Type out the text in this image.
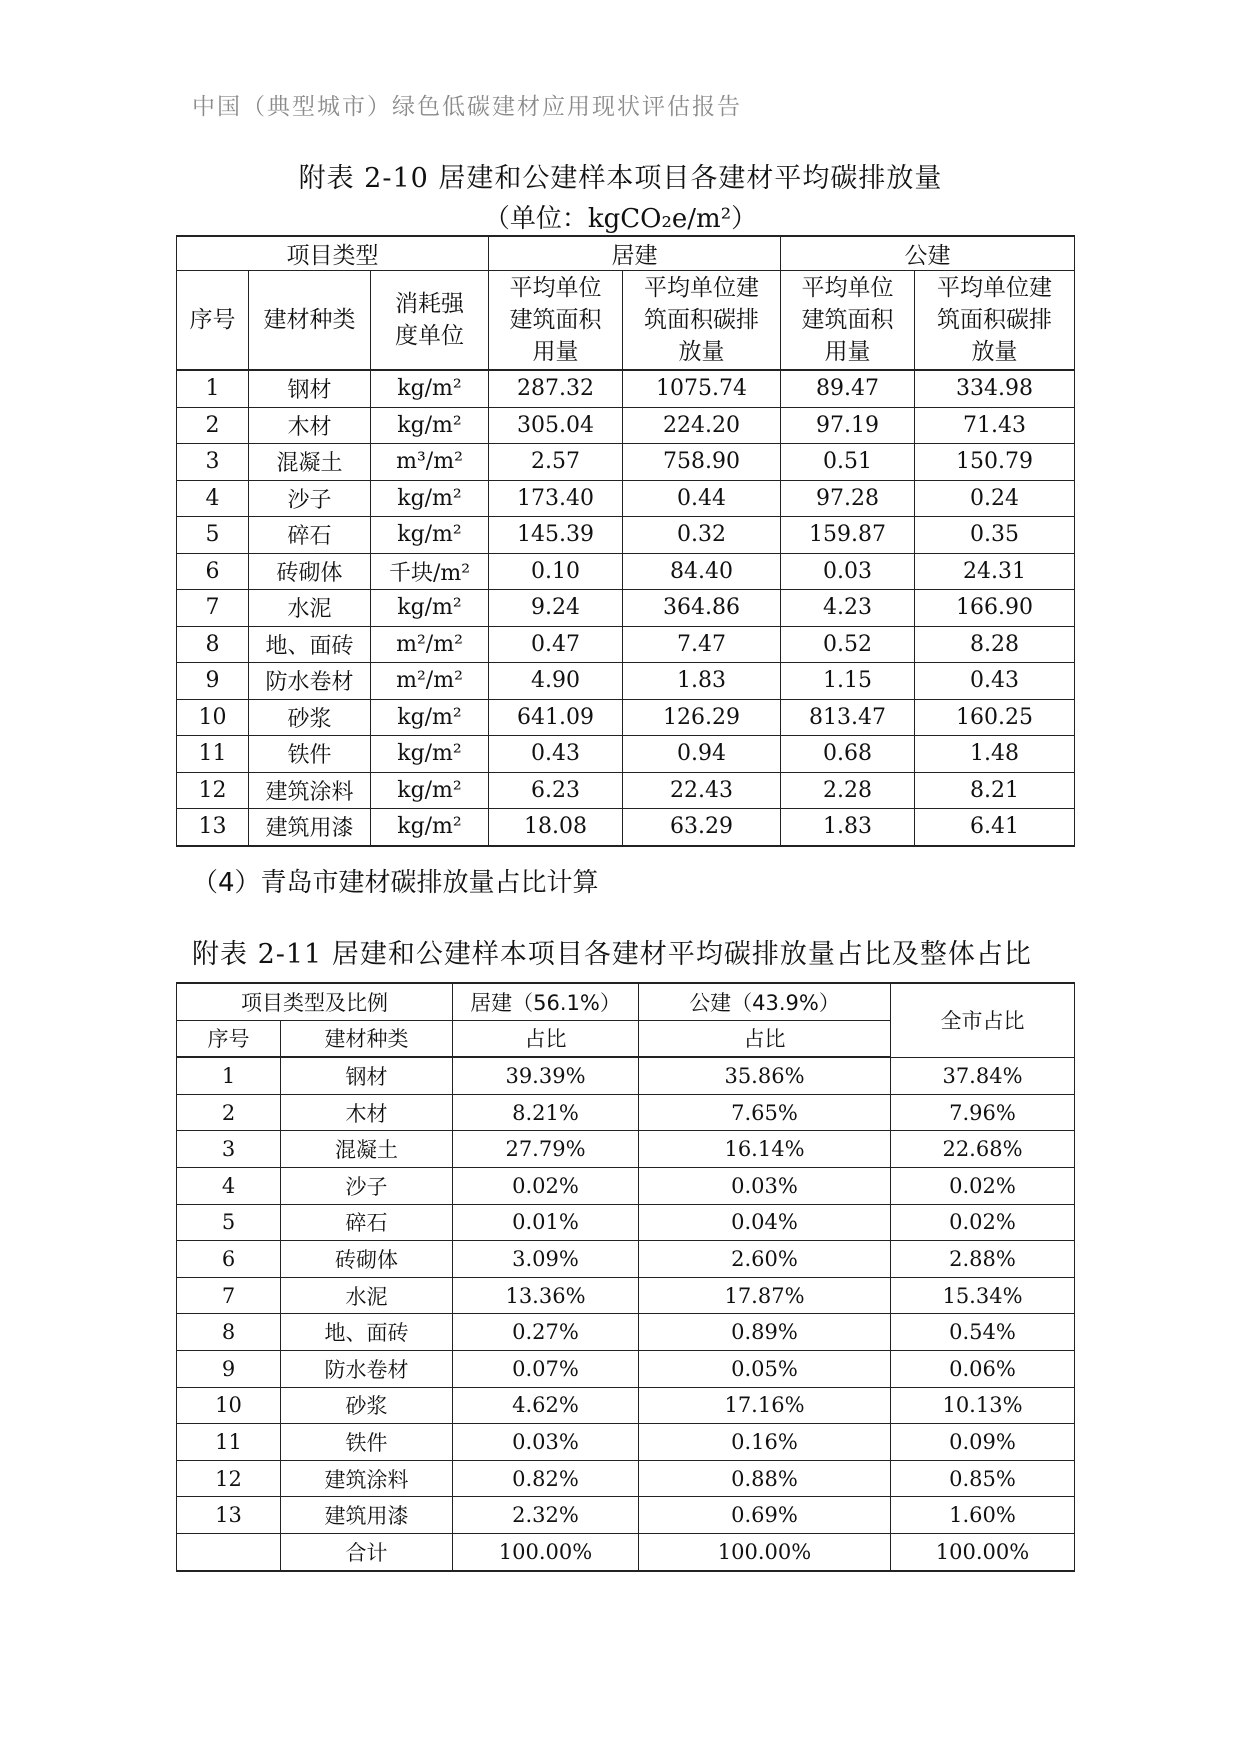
中国（典型城市）绿色低碳建材应用现状评估报告
附表 2-10 居建和公建样本项目各建材平均碳排放量
（单位：kgCO₂e/m²）
项目类型			居建		公建	
序号	建材种类	消耗强度单位	平均单位建筑面积用量	平均单位建筑面积碳排放量	平均单位建筑面积用量	平均单位建筑面积碳排放量
1	钢材	kg/m²	287.32	1075.74	89.47	334.98
2	木材	kg/m²	305.04	224.20	97.19	71.43
3	混凝土	m³/m²	2.57	758.90	0.51	150.79
4	沙子	kg/m²	173.40	0.44	97.28	0.24
5	碎石	kg/m²	145.39	0.32	159.87	0.35
6	砖砌体	千块/m²	0.10	84.40	0.03	24.31
7	水泥	kg/m²	9.24	364.86	4.23	166.90
8	地、面砖	m²/m²	0.47	7.47	0.52	8.28
9	防水卷材	m²/m²	4.90	1.83	1.15	0.43
10	砂浆	kg/m²	641.09	126.29	813.47	160.25
11	铁件	kg/m²	0.43	0.94	0.68	1.48
12	建筑涂料	kg/m²	6.23	22.43	2.28	8.21
13	建筑用漆	kg/m²	18.08	63.29	1.83	6.41
（4）青岛市建材碳排放量占比计算
附表 2-11 居建和公建样本项目各建材平均碳排放量占比及整体占比
项目类型及比例		居建（56.1%）	公建（43.9%）	全市占比
序号	建材种类	占比	占比	
1	钢材	39.39%	35.86%	37.84%
2	木材	8.21%	7.65%	7.96%
3	混凝土	27.79%	16.14%	22.68%
4	沙子	0.02%	0.03%	0.02%
5	碎石	0.01%	0.04%	0.02%
6	砖砌体	3.09%	2.60%	2.88%
7	水泥	13.36%	17.87%	15.34%
8	地、面砖	0.27%	0.89%	0.54%
9	防水卷材	0.07%	0.05%	0.06%
10	砂浆	4.62%	17.16%	10.13%
11	铁件	0.03%	0.16%	0.09%
12	建筑涂料	0.82%	0.88%	0.85%
13	建筑用漆	2.32%	0.69%	1.60%
	合计	100.00%	100.00%	100.00%
